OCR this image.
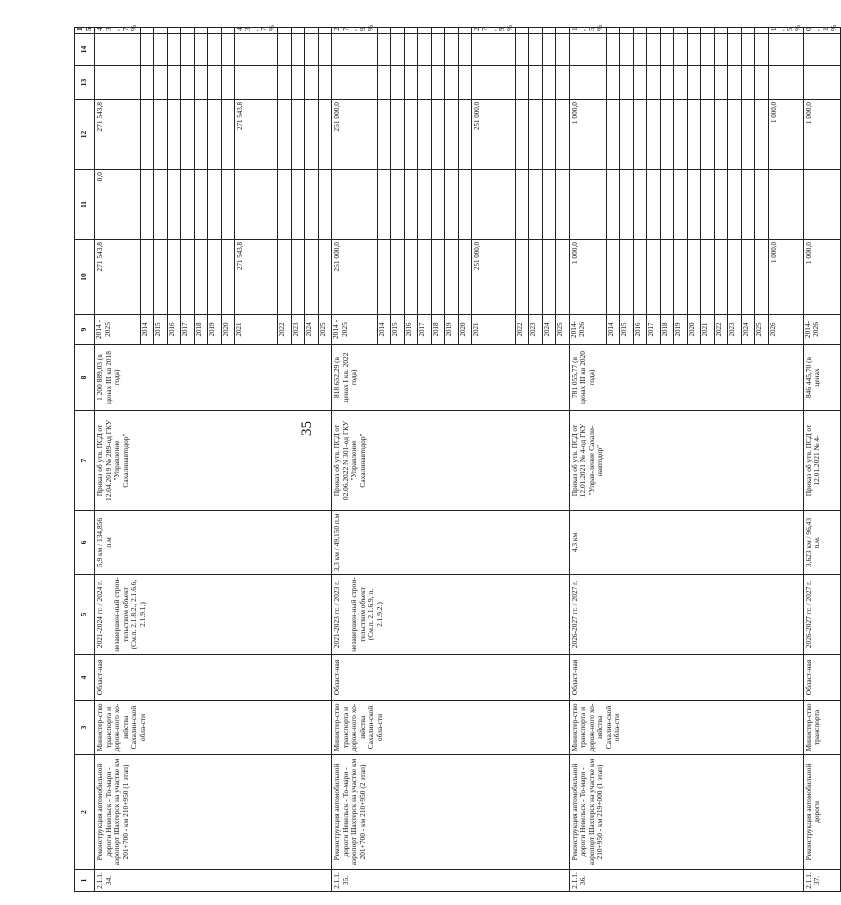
35
1	2	3	4	5	6	7	8	9	10	11	12	13	14	15
2.1.1.
34.	Реконструкция автомобильной дороги Невельск - То-мари - аэропорт Шахтерск на участке км 201+700 - км 210+950 (1 этап)	Министер-ство транспорта и дорож-ного хо-зяйства Сахалин-ской обла-сти	Област-ная	2021-2024 гг. / 2024 г. незавершен-ный строи-тельством объект (См.п. 2.1.8.2., 2.1.6.6, 2.1.9.1.)	5,9 км / 134,856 п.м	Приказ об утв. ПСД от 12.04.2019 № 289-од ГКУ "Управление Сахалинавтодор"	1 200 889,03 (в ценах III кв 2018 года)	2014 - 2025	271 543,8	0,0	271 543,8			43,7%
								2014						
								2015						
								2016						
								2017						
								2018						
								2019						
								2020						
								2021	271 543,8		271 543,8			43,7%
								2022						
								2023						
								2024						
								2025						
2.1.1.
35.	Реконструкция автомобильной дороги Невельск - То-мари - аэропорт Шахтерск на участке км 201+700 - км 210+950 (2 этап)	Министер-ство транспорта и дорож-ного хо-зяйства Сахалин-ской обла-сти	Област-ная	2021-2023 гг. / 2023 г. незавершен-ный строи-тельством объект (См.п. 2.1.6.9, п. 2.1.9.2.)	3,3 км / 49,150 п.м	Приказ об утв. ПСД от 02.06.2022 N 301-од ГКУ "Управление Сахалинавтодор"	818 652,29 (в ценах I кв. 2022 года)	2014 - 2025	251 000,0		251 000,0			27,9%
								2014						
								2015						
								2016						
								2017						
								2018						
								2019						
								2020						
								2021	251 000,0		251 000,0			27,9%
								2022						
								2023						
								2024						
								2025						
2.1.1.
36.	Реконструкция автомобильной дороги Невельск - То-мари - аэропорт Шахтерск на участке км 210+950 - км 219+000 (1 этап)	Министер-ство транспорта и дорож-ного хо-зяйства Сахалин-ской обла-сти	Област-ная	2026-2027 гг. / 2027 г.	4,3 км	Приказ об утв. ПСД от 12.01.2021 № 4-од ГКУ "Управ-ление Сахали-навтодор"	781 055,77 (в ценах III кв 2020 года)	2014-2026	1 000,0		1 000,0			1,5%
								2014						
								2015						
								2016						
								2017						
								2018						
								2019						
								2020						
								2021						
								2022						
								2023						
								2024						
								2025						
								2026	1 000,0		1 000,0			1,5%
2.1.1.
37.	Реконструкция автомобильной дороги	Министер-ство транспорта	Област-ная	2026-2027 гг. / 2027 г.	3,623 км / 96,43 п.м.	Приказ об утв. ПСД от 12.01.2021 № 4-	846 445,70 (в ценах	2014-2026	1 000,0		1 000,0			0,1%
